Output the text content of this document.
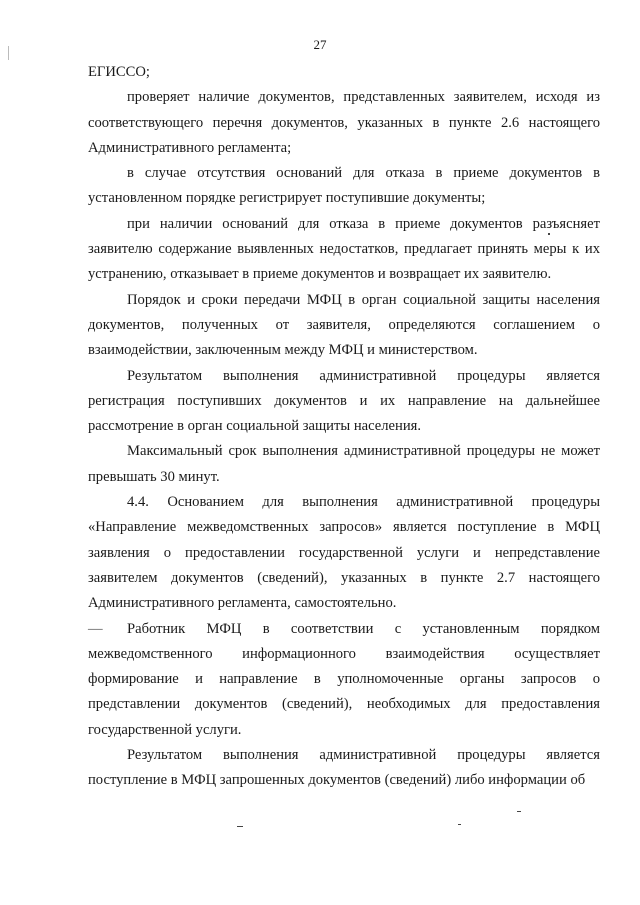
27

ЕГИССО;

проверяет наличие документов, представленных заявителем, исходя из соответствующего перечня документов, указанных в пункте 2.6 настоящего Административного регламента;

в случае отсутствия оснований для отказа в приеме документов в установленном порядке регистрирует поступившие документы;

при наличии оснований для отказа в приеме документов разъясняет заявителю содержание выявленных недостатков, предлагает принять меры к их устранению, отказывает в приеме документов и возвращает их заявителю.

Порядок и сроки передачи МФЦ в орган социальной защиты населения документов, полученных от заявителя, определяются соглашением о взаимодействии, заключенным между МФЦ и министерством.

Результатом выполнения административной процедуры является регистрация поступивших документов и их направление на дальнейшее рассмотрение в орган социальной защиты населения.

Максимальный срок выполнения административной процедуры не может превышать 30 минут.

4.4. Основанием для выполнения административной процедуры «Направление межведомственных запросов» является поступление в МФЦ заявления о предоставлении государственной услуги и непредставление заявителем документов (сведений), указанных в пункте 2.7 настоящего Административного регламента, самостоятельно.

— Работник МФЦ в соответствии с установленным порядком межведомственного информационного взаимодействия осуществляет формирование и направление в уполномоченные органы запросов о представлении документов (сведений), необходимых для предоставления государственной услуги.

Результатом выполнения административной процедуры является поступление в МФЦ запрошенных документов (сведений) либо информации об
